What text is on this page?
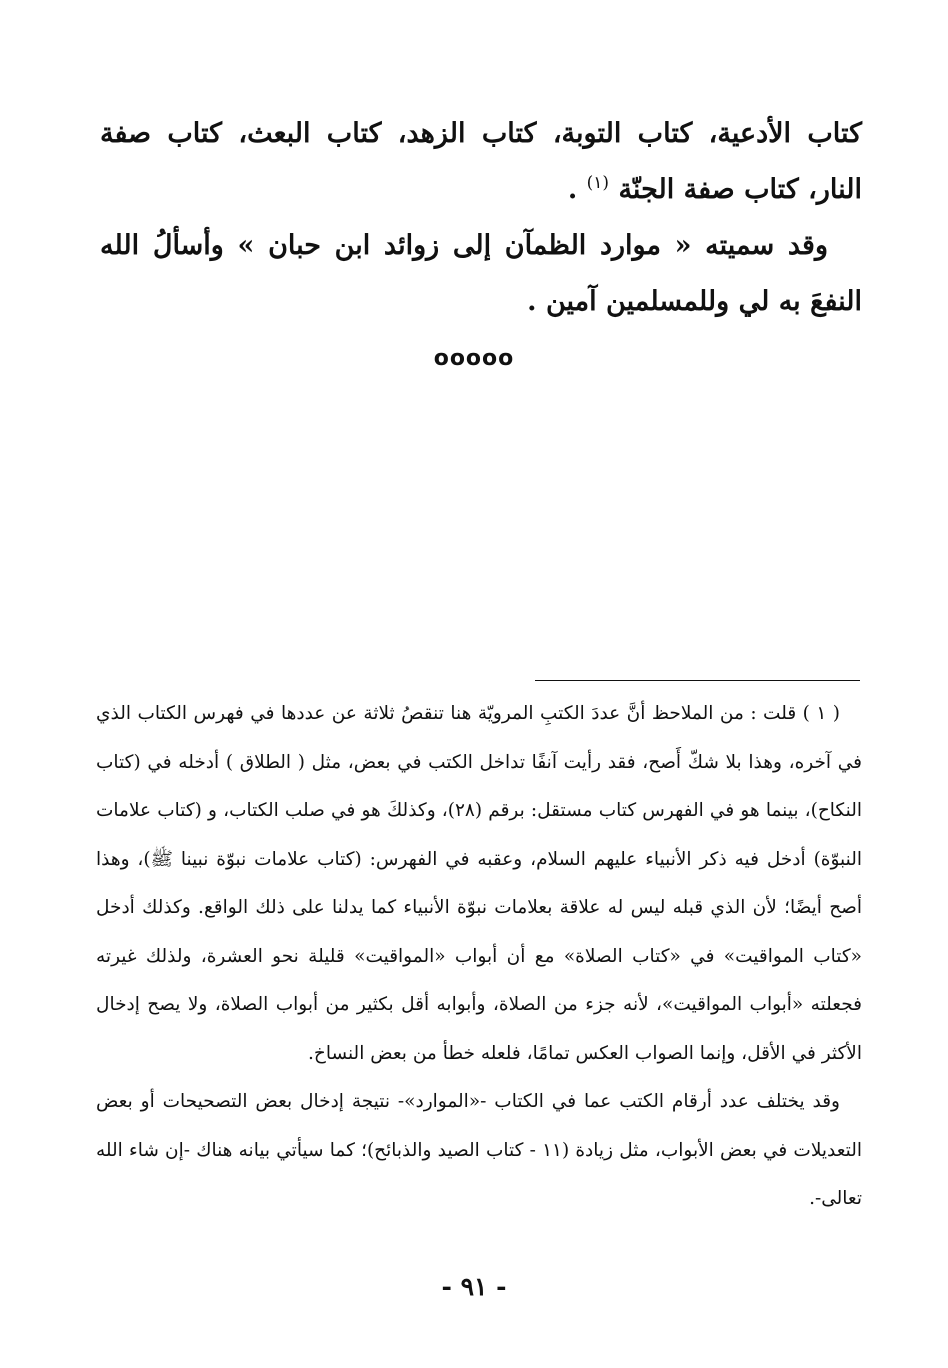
كتاب الأدعية، كتاب التوبة، كتاب الزهد، كتاب البعث، كتاب صفة النار، كتاب صفة الجنّة $^{(١)}$ .

وقد سميته « موارد الظمآن إلى زوائد ابن حبان » وأسألُ الله النفعَ به لي وللمسلمين آمين .

ooooo

( ١ ) قلت : من الملاحظ أنَّ عددَ الكتبِ المرويّة هنا تنقصُ ثلاثة عن عددها في فهرس الكتاب الذي في آخره، وهذا بلا شكّ أَصح، فقد رأيت آنفًا تداخل الكتب في بعض، مثل ( الطلاق ) أدخله في (كتاب النكاح)، بينما هو في الفهرس كتاب مستقل: برقم (٢٨)، وكذلكَ هو في صلب الكتاب، و (كتاب علامات النبوّة) أدخل فيه ذكر الأنبياء عليهم السلام، وعقبه في الفهرس: (كتاب علامات نبوّة نبينا ﷺ)، وهذا أصح أيضًا؛ لأن الذي قبله ليس له علاقة بعلامات نبوّة الأنبياء كما يدلنا على ذلك الواقع. وكذلك أدخل «كتاب المواقيت» في «كتاب الصلاة» مع أن أبواب «المواقيت» قليلة نحو العشرة، ولذلك غيرته فجعلته «أبواب المواقيت»، لأنه جزء من الصلاة، وأبوابه أقل بكثير من أبواب الصلاة، ولا يصح إدخال الأكثر في الأقل، وإنما الصواب العكس تمامًا، فلعله خطأ من بعض النساخ.

وقد يختلف عدد أرقام الكتب عما في الكتاب -«الموارد»- نتيجة إدخال بعض التصحيحات أو بعض التعديلات في بعض الأبواب، مثل زيادة (١١ - كتاب الصيد والذبائح)؛ كما سيأتي بيانه هناك -إن شاء الله تعالى-.

- ٩١ -
